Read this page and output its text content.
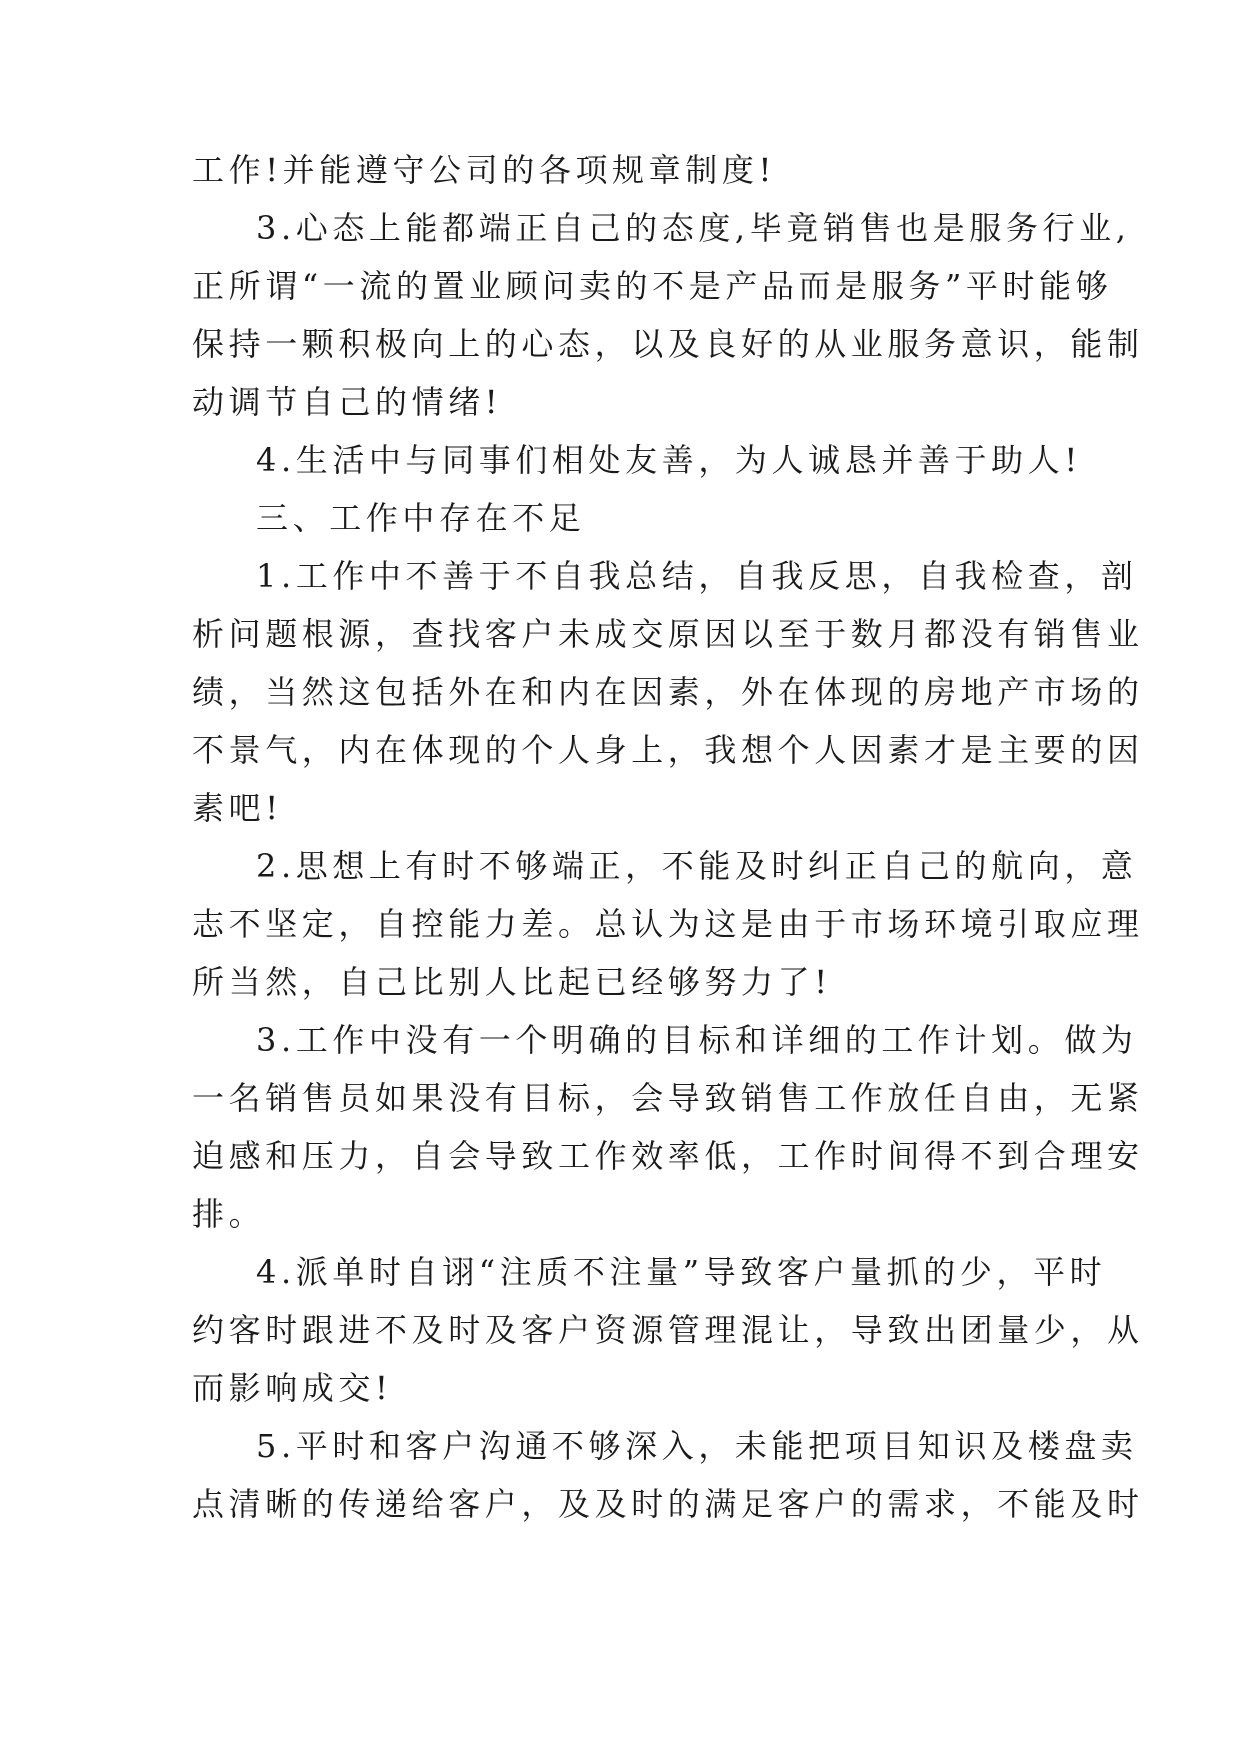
工作!并能遵守公司的各项规章制度!
3.心态上能都端正自己的态度,毕竟销售也是服务行业,
正所谓“一流的置业顾问卖的不是产品而是服务”平时能够
保持一颗积极向上的心态，以及良好的从业服务意识，能制
动调节自己的情绪!
4.生活中与同事们相处友善，为人诚恳并善于助人!
三、工作中存在不足
1.工作中不善于不自我总结，自我反思，自我检查，剖
析问题根源，查找客户未成交原因以至于数月都没有销售业
绩，当然这包括外在和内在因素，外在体现的房地产市场的
不景气，内在体现的个人身上，我想个人因素才是主要的因
素吧!
2.思想上有时不够端正，不能及时纠正自己的航向，意
志不坚定，自控能力差。总认为这是由于市场环境引取应理
所当然，自己比别人比起已经够努力了!
3.工作中没有一个明确的目标和详细的工作计划。做为
一名销售员如果没有目标，会导致销售工作放任自由，无紧
迫感和压力，自会导致工作效率低，工作时间得不到合理安
排。
4.派单时自诩“注质不注量”导致客户量抓的少，平时
约客时跟进不及时及客户资源管理混让，导致出团量少，从
而影响成交!
5.平时和客户沟通不够深入，未能把项目知识及楼盘卖
点清晰的传递给客户，及及时的满足客户的需求，不能及时
